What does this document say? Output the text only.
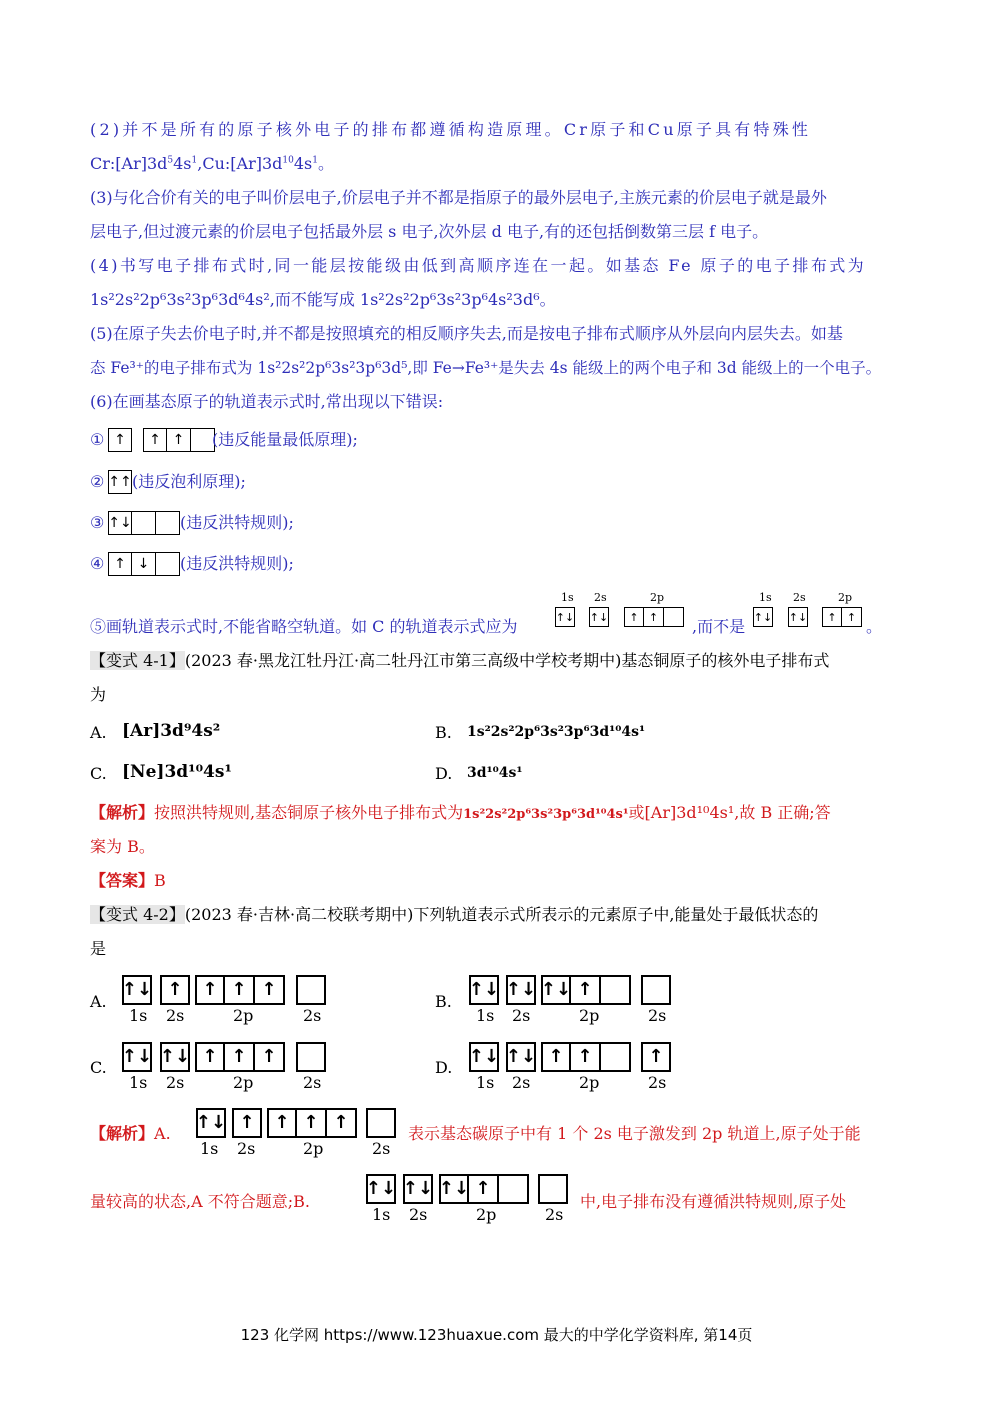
(2)并不是所有的原子核外电子的排布都遵循构造原理。Cr原子和Cu原子具有特殊性
$Cr:[Ar]3d^54s^1,Cu:[Ar]3d^{10}4s^1$。
(3)与化合价有关的电子叫价层电子,价层电子并不都是指原子的最外层电子,主族元素的价层电子就是最外
层电子,但过渡元素的价层电子包括最外层 s 电子,次外层 d 电子,有的还包括倒数第三层 f 电子。
(4)书写电子排布式时,同一能层按能级由低到高顺序连在一起。如基态 Fe 原子的电子排布式为
1s²2s²2p⁶3s²3p⁶3d⁶4s²,而不能写成 1s²2s²2p⁶3s²3p⁶4s²3d⁶。
(5)在原子失去价电子时,并不都是按照填充的相反顺序失去,而是按电子排布式顺序从外层向内层失去。如基
态 Fe³⁺的电子排布式为 1s²2s²2p⁶3s²3p⁶3d⁵,即 Fe→Fe³⁺是失去 4s 能级上的两个电子和 3d 能级上的一个电子。
(6)在画基态原子的轨道表示式时,常出现以下错误:
① ↑	↑ ↑	(违反能量最低原理);
② ↑↑ (违反泡利原理);
③ ↑↓	(违反洪特规则);
④ ↑ ↓	(违反洪特规则);
⑤画轨道表示式时,不能省略空轨道。如 C 的轨道表示式应为
1s 2s	2p
↑↓ ↑↓	↑ ↑	,而不是
1s 2s	2p
↑↓ ↑↓	↑ ↑ 。
【变式 4-1】(2023 春·黑龙江牡丹江·高二牡丹江市第三高级中学校考期中)基态铜原子的核外电子排布式
为
A. [Ar]3d⁹4s²	B. 1s²2s²2p⁶3s²3p⁶3d¹⁰4s¹
C. [Ne]3d¹⁰4s¹	D. 3d¹⁰4s¹
【解析】按照洪特规则,基态铜原子核外电子排布式为1s²2s²2p⁶3s²3p⁶3d¹⁰4s¹或[Ar]3d¹⁰4s¹,故 B 正确;答
案为 B。
【答案】B
【变式 4-2】(2023 春·吉林·高二校联考期中)下列轨道表示式所表示的元素原子中,能量处于最低状态的
是
A.
↑↓ ↑	↑ ↑ ↑
1s 2s	2p	2s
B.
↑↓ ↑↓ ↑↓ ↑
1s 2s	2p	2s
C.
↑↓ ↑↓ ↑ ↑ ↑
1s 2s	2p	2s
D.
↑↓ ↑↓ ↑ ↑	↑
1s 2s	2p	2s
【解析】A.
↑↓ ↑	↑ ↑ ↑
1s 2s	2p	2s
表示基态碳原子中有 1 个 2s 电子激发到 2p 轨道上,原子处于能
量较高的状态,A 不符合题意;B.
↑↓ ↑↓ ↑↓ ↑
1s 2s	2p	2s
中,电子排布没有遵循洪特规则,原子处
123 化学网 https://www.123huaxue.com 最大的中学化学资料库, 第14页
